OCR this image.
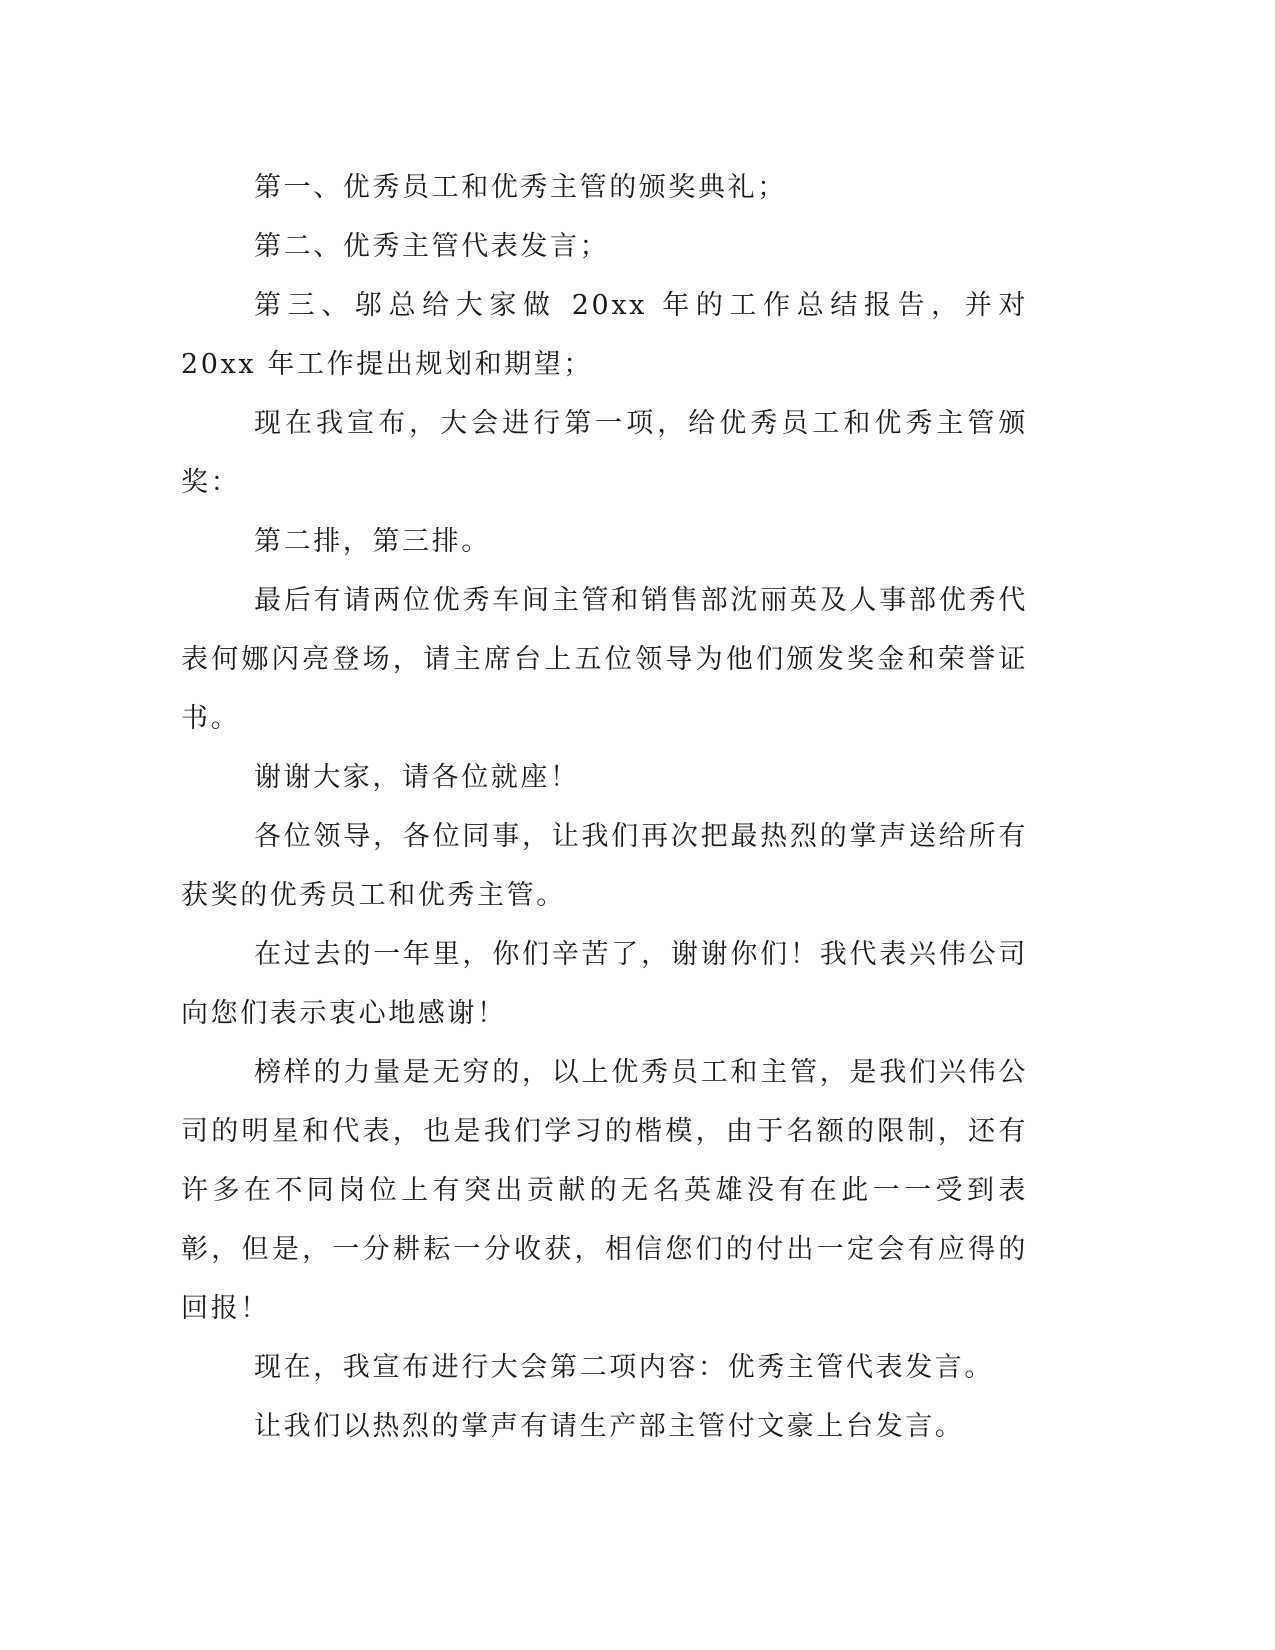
第一、优秀员工和优秀主管的颁奖典礼；

第二、优秀主管代表发言；

第三、邬总给大家做 20xx 年的工作总结报告，并对 20xx 年工作提出规划和期望；

现在我宣布，大会进行第一项，给优秀员工和优秀主管颁奖：

第二排，第三排。

最后有请两位优秀车间主管和销售部沈丽英及人事部优秀代表何娜闪亮登场，请主席台上五位领导为他们颁发奖金和荣誉证书。

谢谢大家，请各位就座！

各位领导，各位同事，让我们再次把最热烈的掌声送给所有获奖的优秀员工和优秀主管。

在过去的一年里，你们辛苦了，谢谢你们！我代表兴伟公司向您们表示衷心地感谢！

榜样的力量是无穷的，以上优秀员工和主管，是我们兴伟公司的明星和代表，也是我们学习的楷模，由于名额的限制，还有许多在不同岗位上有突出贡献的无名英雄没有在此一一受到表彰，但是，一分耕耘一分收获，相信您们的付出一定会有应得的回报！

现在，我宣布进行大会第二项内容：优秀主管代表发言。

让我们以热烈的掌声有请生产部主管付文豪上台发言。
